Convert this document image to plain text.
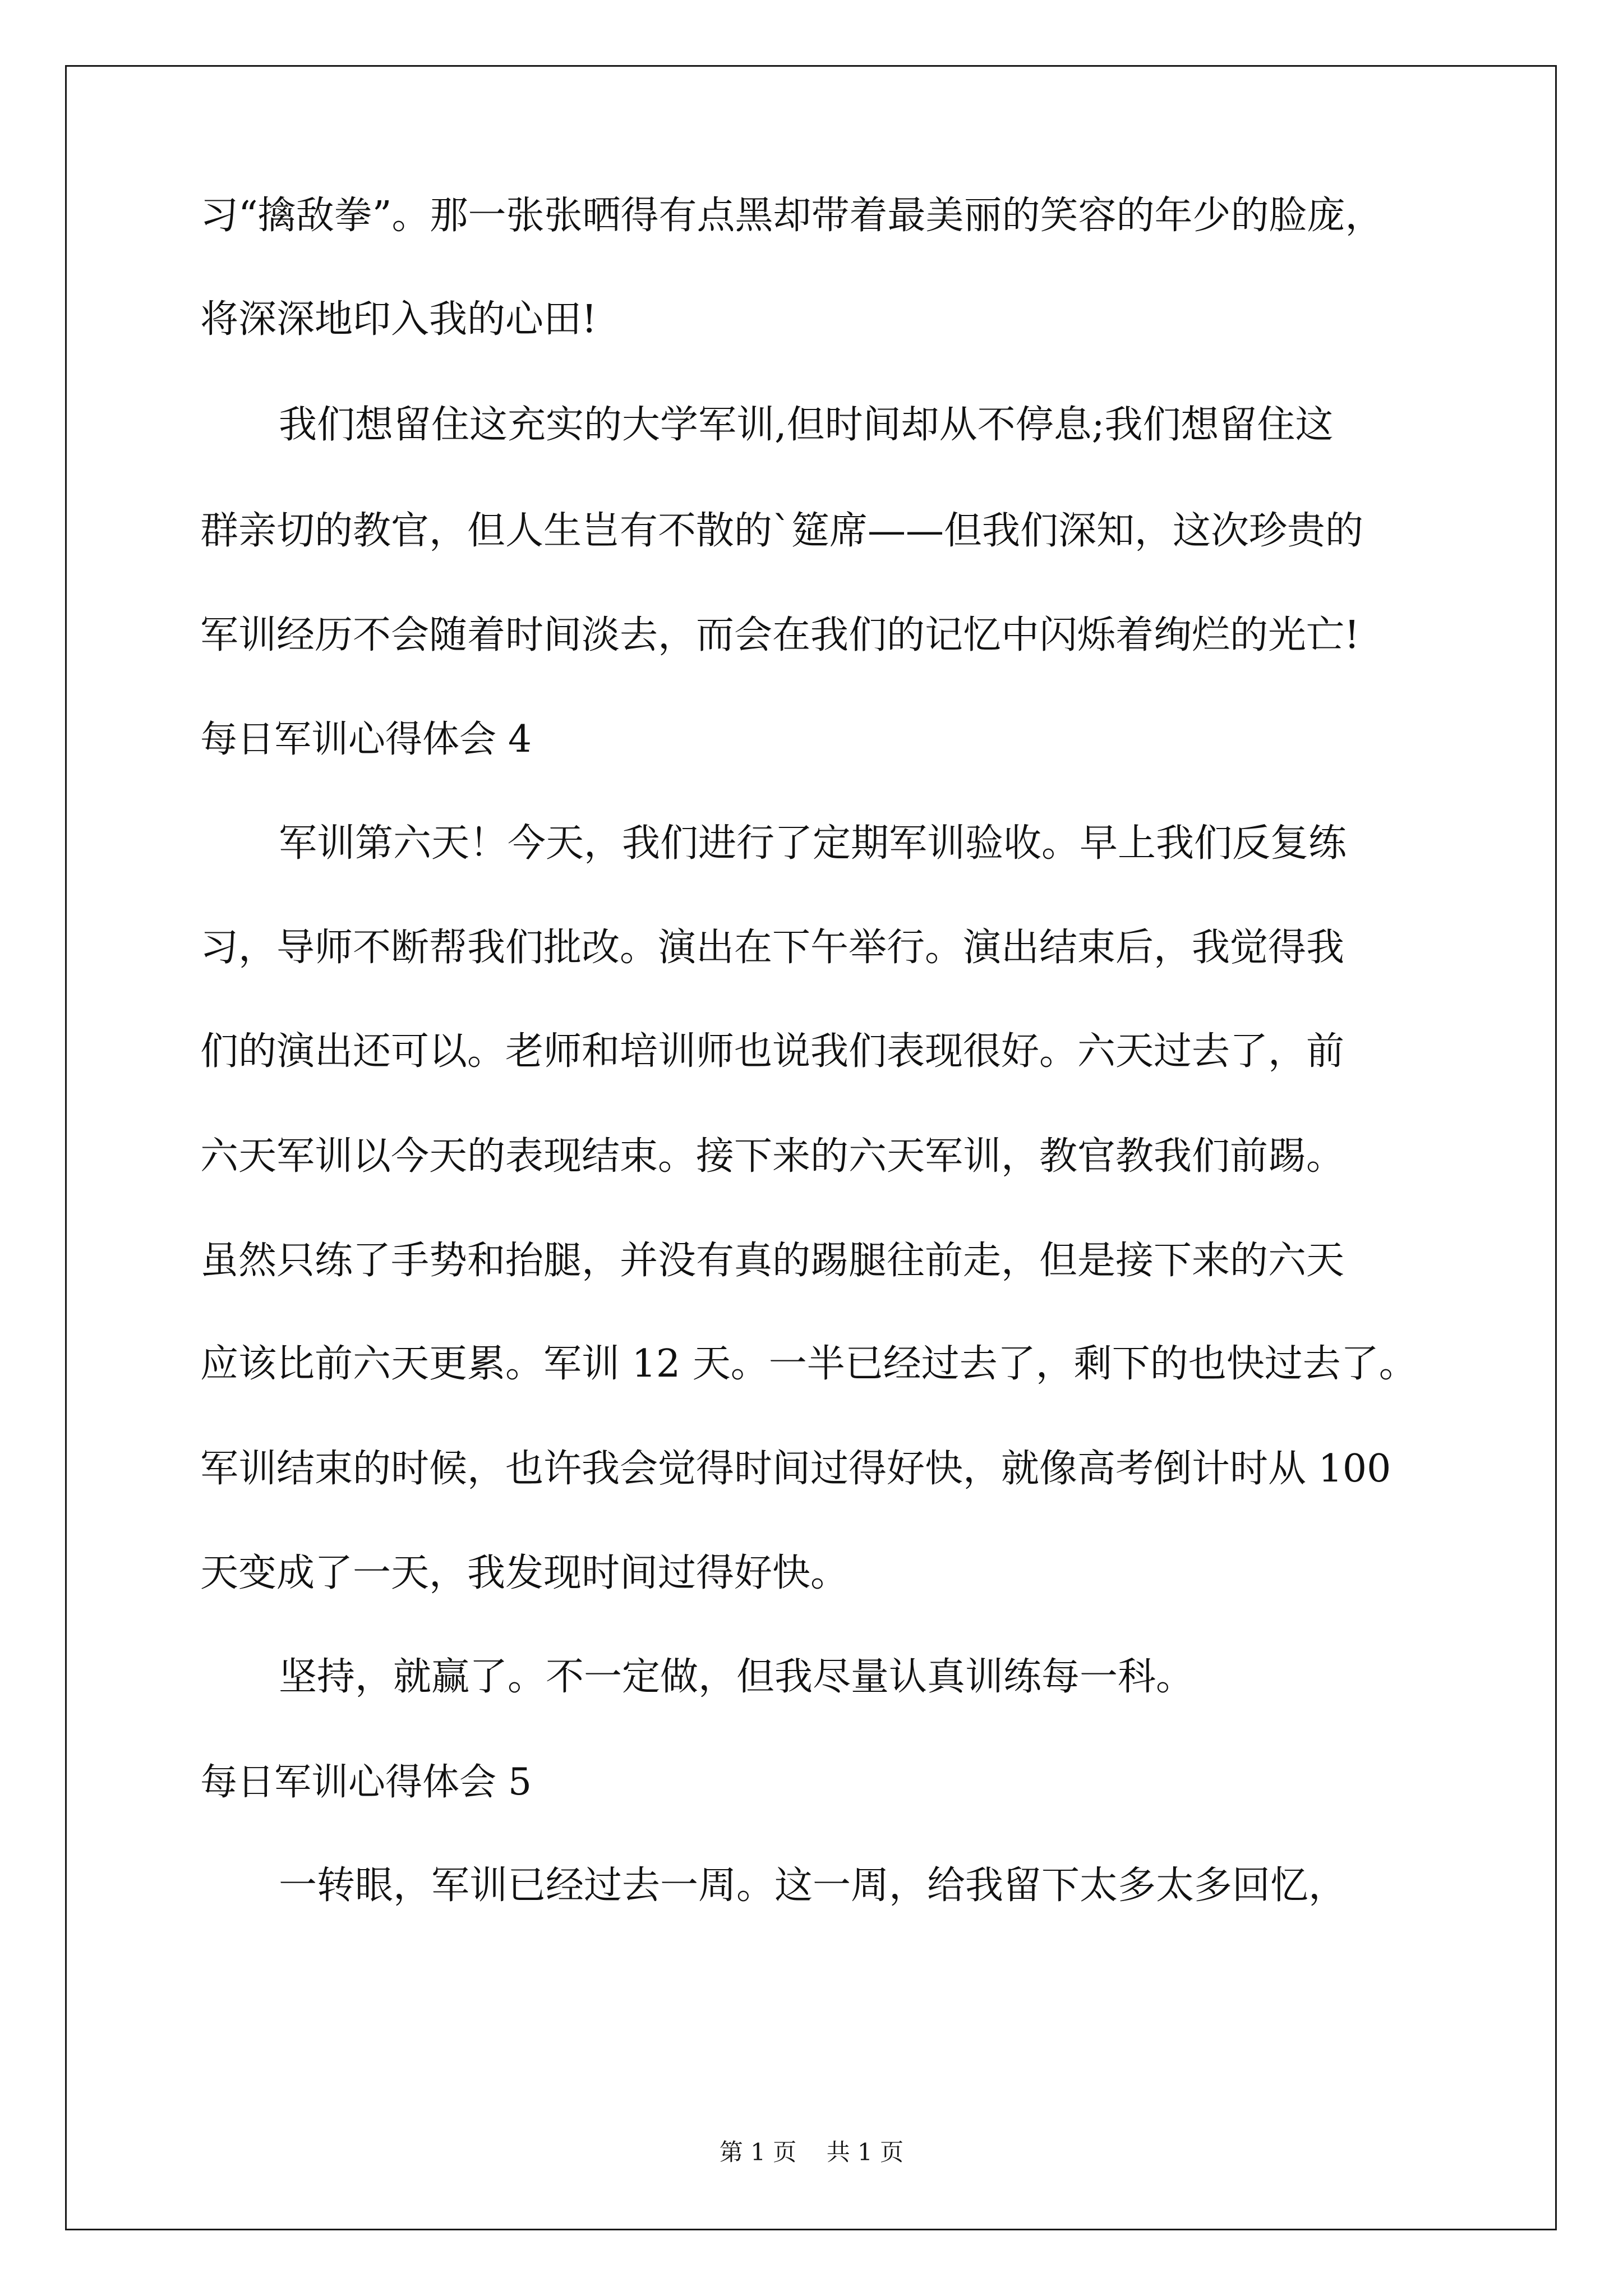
习“擒敌拳”。那一张张晒得有点黑却带着最美丽的笑容的年少的脸庞，
将深深地印入我的心田!
我们想留住这充实的大学军训,但时间却从不停息;我们想留住这
群亲切的教官，但人生岂有不散的`筵席——但我们深知，这次珍贵的
军训经历不会随着时间淡去，而会在我们的记忆中闪烁着绚烂的光亡!
每日军训心得体会 4
军训第六天！今天，我们进行了定期军训验收。早上我们反复练
习，导师不断帮我们批改。演出在下午举行。演出结束后，我觉得我
们的演出还可以。老师和培训师也说我们表现很好。六天过去了，前
六天军训以今天的表现结束。接下来的六天军训，教官教我们前踢。
虽然只练了手势和抬腿，并没有真的踢腿往前走，但是接下来的六天
应该比前六天更累。军训 12 天。一半已经过去了，剩下的也快过去了。
军训结束的时候，也许我会觉得时间过得好快，就像高考倒计时从 100
天变成了一天，我发现时间过得好快。
坚持，就赢了。不一定做，但我尽量认真训练每一科。
每日军训心得体会 5
一转眼，军训已经过去一周。这一周，给我留下太多太多回忆，
第 1 页    共 1 页
